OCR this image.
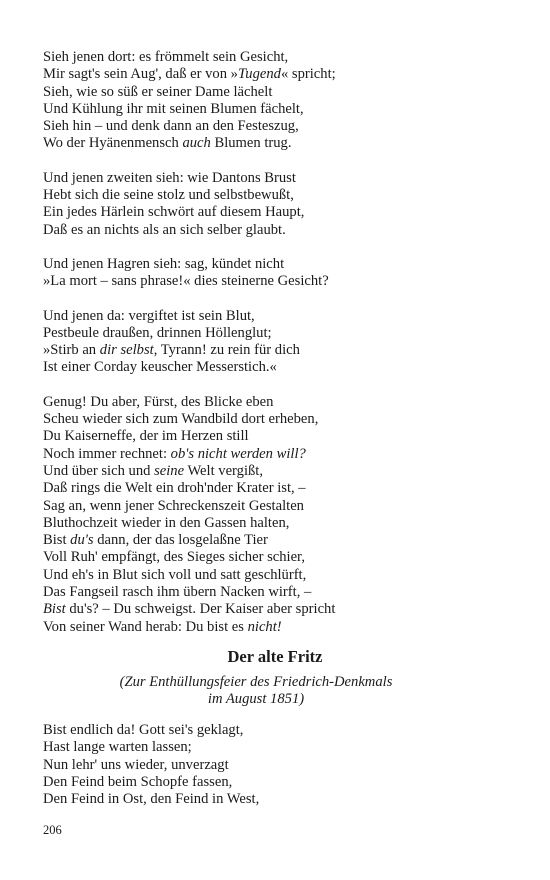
Sieh jenen dort: es frömmelt sein Gesicht,
Mir sagt's sein Aug', daß er von »Tugend« spricht;
Sieh, wie so süß er seiner Dame lächelt
Und Kühlung ihr mit seinen Blumen fächelt,
Sieh hin – und denk dann an den Festeszug,
Wo der Hyänenmensch auch Blumen trug.
Und jenen zweiten sieh: wie Dantons Brust
Hebt sich die seine stolz und selbstbewußt,
Ein jedes Härlein schwört auf diesem Haupt,
Daß es an nichts als an sich selber glaubt.
Und jenen Hagren sieh: sag, kündet nicht
»La mort – sans phrase!« dies steinerne Gesicht?
Und jenen da: vergiftet ist sein Blut,
Pestbeule draußen, drinnen Höllenglut;
»Stirb an dir selbst, Tyrann! zu rein für dich
Ist einer Corday keuscher Messerstich.«
Genug! Du aber, Fürst, des Blicke eben
Scheu wieder sich zum Wandbild dort erheben,
Du Kaiserneffe, der im Herzen still
Noch immer rechnet: ob's nicht werden will?
Und über sich und seine Welt vergißt,
Daß rings die Welt ein droh'nder Krater ist, –
Sag an, wenn jener Schreckenszeit Gestalten
Bluthochzeit wieder in den Gassen halten,
Bist du's dann, der das losgelaßne Tier
Voll Ruh' empfängt, des Sieges sicher schier,
Und eh's in Blut sich voll und satt geschlürft,
Das Fangseil rasch ihm übern Nacken wirft, –
Bist du's? – Du schweigst. Der Kaiser aber spricht
Von seiner Wand herab: Du bist es nicht!
Der alte Fritz
(Zur Enthüllungsfeier des Friedrich-Denkmals
im August 1851)
Bist endlich da! Gott sei's geklagt,
Hast lange warten lassen;
Nun lehr' uns wieder, unverzagt
Den Feind beim Schopfe fassen,
Den Feind in Ost, den Feind in West,
206
